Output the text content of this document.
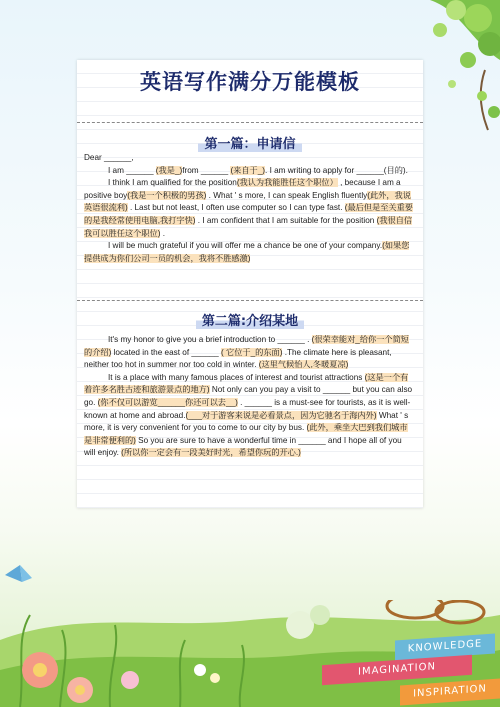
英语写作满分万能模板
第一篇：申请信

Dear ______,

I am ______ (我是_)from ______ (来自于_). I am writing to apply for ______(目的).

I think I am qualified for the position(我认为我能胜任这个职位） , because I am a positive boy(我是一个积极的男孩) . What ' s more, I can speak English fluently(此外，我说英语很流利) . Last but not least, I often use computer so I can type fast. (最后但是至关重要的是我经常使用电脑,我打字快) . I am confident that I am suitable for the position (我很自信我可以胜任这个职位) .

I will be much grateful if you will offer me a chance be one of your company.(如果您提供成为你们公司一员的机会，我将不胜感激)

第二篇:介绍某地

It's my honor to give you a brief introduction to ______ . (很荣幸能对_给你一个简短的介绍) located in the east of ______ ( 它位于_的东面) .The climate here is pleasant, neither too hot in summer nor too cold in winter. (这里气候怡人,冬暖夏凉)

It is a place with many famous places of interest and tourist attractions (这是一个有着许多名胜古迹和旅游景点的地方) Not only can you pay a visit to ______ but you can also go. (你不仅可以游览______你还可以去__) . ______ is a must-see for tourists, as it is well-known at home and abroad.(___对于游客来说是必看景点，因为它驰名于海内外) What ' s more, it is very convenient for you to come to our city by bus. (此外，乘坐大巴到我们城市是非常便利的) So you are sure to have a wonderful time in ______ and I hope all of you will enjoy. (所以你一定会有一段美好时光，希望你玩的开心.)

KNOWLEDGE
IMAGINATION
INSPIRATION
